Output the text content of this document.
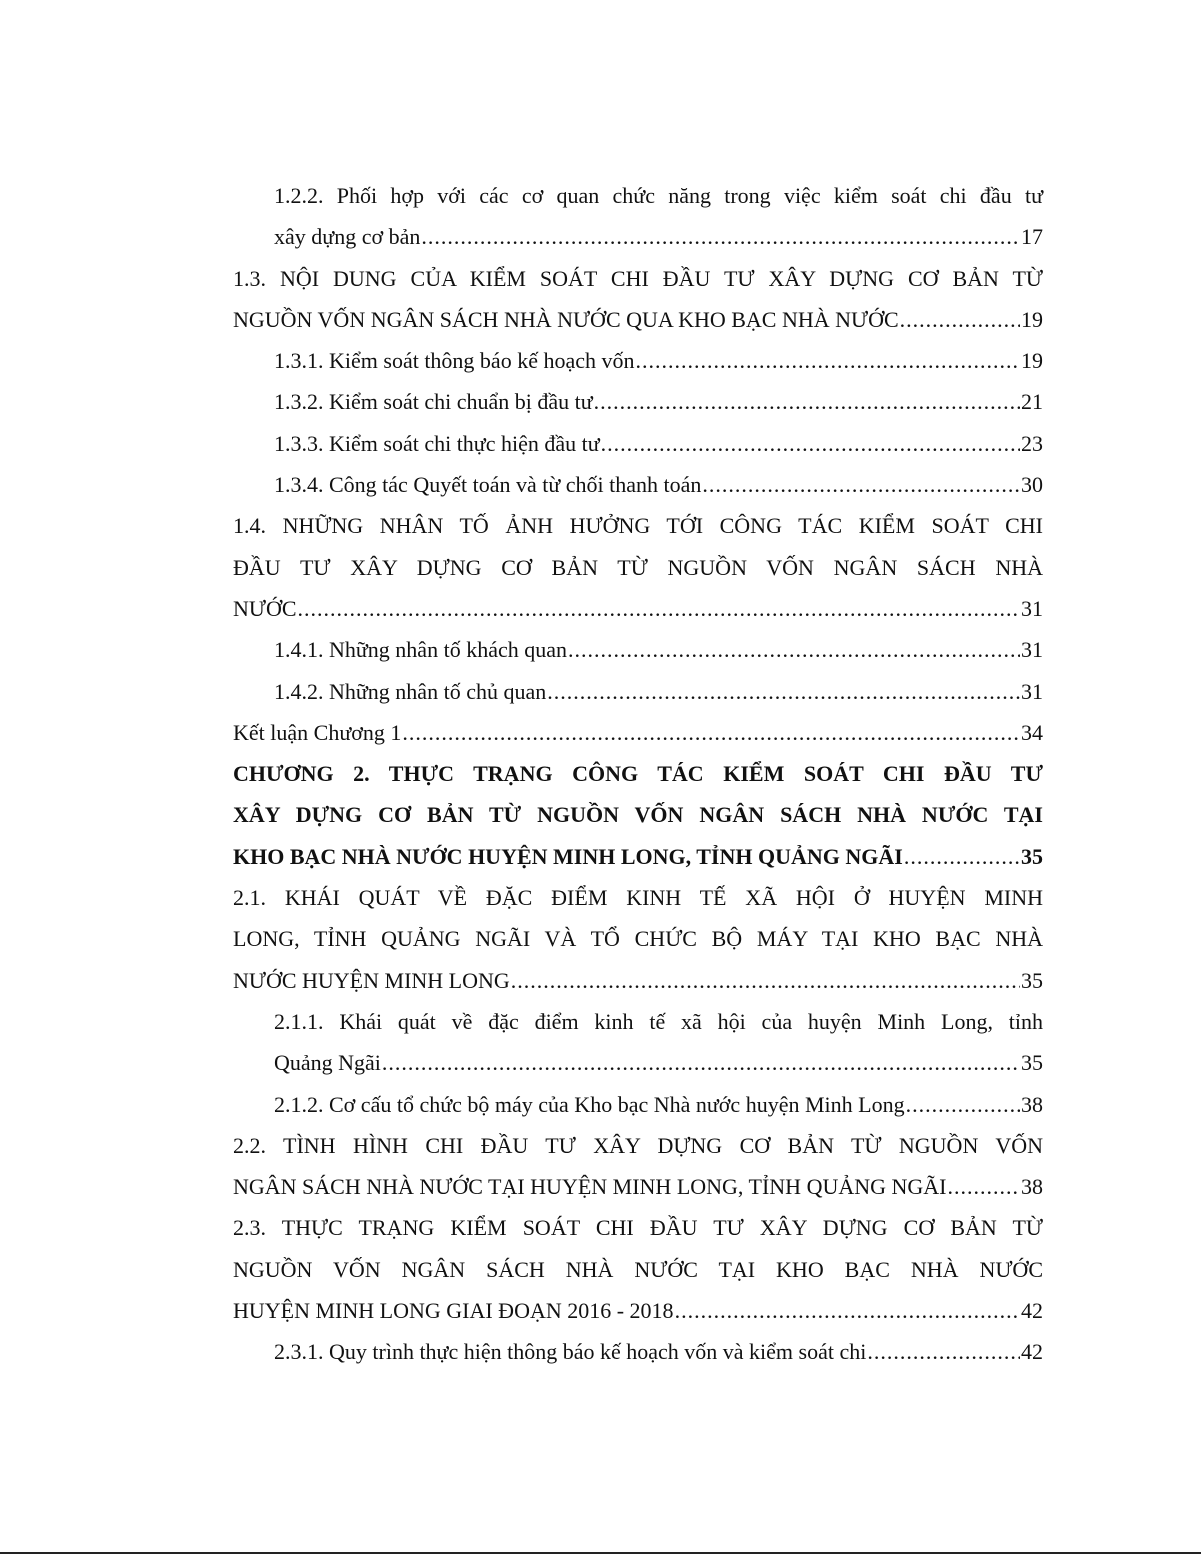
1.2.2. Phối hợp với các cơ quan chức năng trong việc kiểm soát chi đầu tư
xây dựng cơ bản .....	17
1.3. NỘI DUNG CỦA KIỂM SOÁT CHI ĐẦU TƯ XÂY DỰNG CƠ BẢN TỪ
NGUỒN VỐN NGÂN SÁCH NHÀ NƯỚC QUA KHO BẠC NHÀ NƯỚC .....	19
1.3.1. Kiểm soát thông báo kế hoạch vốn .....	19
1.3.2. Kiểm soát chi chuẩn bị đầu tư .....	21
1.3.3. Kiểm soát chi thực hiện đầu tư .....	23
1.3.4. Công tác Quyết toán và từ chối thanh toán .....	30
1.4. NHỮNG NHÂN TỐ ẢNH HƯỞNG TỚI CÔNG TÁC KIỂM SOÁT CHI
ĐẦU TƯ XÂY DỰNG CƠ BẢN TỪ NGUỒN VỐN NGÂN SÁCH NHÀ
NƯỚC .....	31
1.4.1. Những nhân tố khách quan .....	31
1.4.2. Những nhân tố chủ quan .....	31
Kết luận Chương 1 .....	34
CHƯƠNG 2. THỰC TRẠNG CÔNG TÁC KIỂM SOÁT CHI ĐẦU TƯ
XÂY DỰNG CƠ BẢN TỪ NGUỒN VỐN NGÂN SÁCH NHÀ NƯỚC TẠI
KHO BẠC NHÀ NƯỚC HUYỆN MINH LONG, TỈNH QUẢNG NGÃI .....	35
2.1. KHÁI QUÁT VỀ ĐẶC ĐIỂM KINH TẾ XÃ HỘI Ở HUYỆN MINH
LONG, TỈNH QUẢNG NGÃI VÀ TỔ CHỨC BỘ MÁY TẠI KHO BẠC NHÀ
NƯỚC HUYỆN MINH LONG .....	35
2.1.1. Khái quát về đặc điểm kinh tế xã hội của huyện Minh Long, tỉnh
Quảng Ngãi .....	35
2.1.2. Cơ cấu tổ chức bộ máy của Kho bạc Nhà nước huyện Minh Long .....	38
2.2. TÌNH HÌNH CHI ĐẦU TƯ XÂY DỰNG CƠ BẢN TỪ NGUỒN VỐN
NGÂN SÁCH NHÀ NƯỚC TẠI HUYỆN MINH LONG, TỈNH QUẢNG NGÃI .....	38
2.3. THỰC TRẠNG KIỂM SOÁT CHI ĐẦU TƯ XÂY DỰNG CƠ BẢN TỪ
NGUỒN VỐN NGÂN SÁCH NHÀ NƯỚC TẠI KHO BẠC NHÀ NƯỚC
HUYỆN MINH LONG GIAI ĐOẠN 2016 - 2018 .....	42
2.3.1. Quy trình thực hiện thông báo kế hoạch vốn và kiểm soát chi .....	42
